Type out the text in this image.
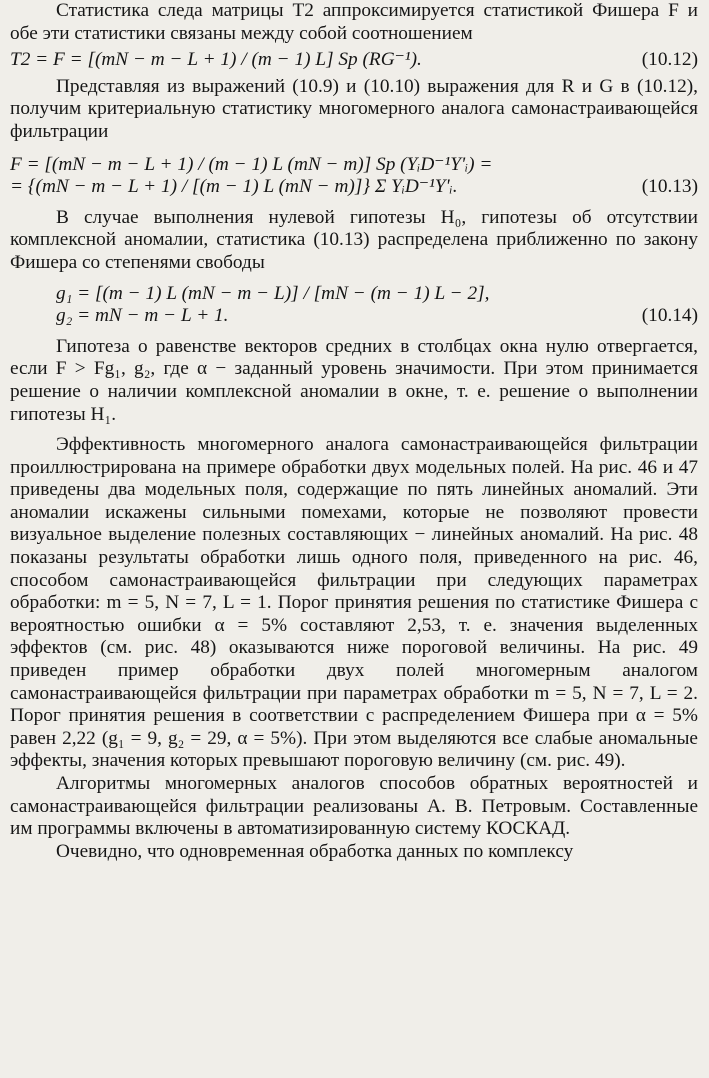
Статистика следа матрицы T2 аппроксимируется статистикой Фишера F и обе эти статистики связаны между собой соотношением

T2 = F = [(mN − m − L + 1) / (m − 1) L] Sp (RG⁻¹).	(10.12)

Представляя из выражений (10.9) и (10.10) выражения для R и G в (10.12), получим критериальную статистику многомерного аналога самонастраивающейся фильтрации

F = [(mN − m − L + 1) / (m − 1) L (mN − m)] Sp (YᵢD⁻¹Y'ᵢ) =
= {(mN − m − L + 1) / [(m − 1) L (mN − m)]} Σ YᵢD⁻¹Y'ᵢ.	(10.13)

В случае выполнения нулевой гипотезы H₀, гипотезы об отсутствии комплексной аномалии, статистика (10.13) распределена приближенно по закону Фишера со степенями свободы

g₁ = [(m − 1) L (mN − m − L)] / [mN − (m − 1) L − 2],
g₂ = mN − m − L + 1.	(10.14)

Гипотеза о равенстве векторов средних в столбцах окна нулю отвергается, если F > Fg₁, g₂, где α − заданный уровень значимости. При этом принимается решение о наличии комплексной аномалии в окне, т. е. решение о выполнении гипотезы H₁.

Эффективность многомерного аналога самонастраивающейся фильтрации проиллюстрирована на примере обработки двух модельных полей. На рис. 46 и 47 приведены два модельных поля, содержащие по пять линейных аномалий. Эти аномалии искажены сильными помехами, которые не позволяют провести визуальное выделение полезных составляющих − линейных аномалий. На рис. 48 показаны результаты обработки лишь одного поля, приведенного на рис. 46, способом самонастраивающейся фильтрации при следующих параметрах обработки: m = 5, N = 7, L = 1. Порог принятия решения по статистике Фишера с вероятностью ошибки α = 5% составляют 2,53, т. е. значения выделенных эффектов (см. рис. 48) оказываются ниже пороговой величины. На рис. 49 приведен пример обработки двух полей многомерным аналогом самонастраивающейся фильтрации при параметрах обработки m = 5, N = 7, L = 2. Порог принятия решения в соответствии с распределением Фишера при α = 5% равен 2,22 (g₁ = 9, g₂ = 29, α = 5%). При этом выделяются все слабые аномальные эффекты, значения которых превышают пороговую величину (см. рис. 49).

Алгоритмы многомерных аналогов способов обратных вероятностей и самонастраивающейся фильтрации реализованы А. В. Петровым. Составленные им программы включены в автоматизированную систему КОСКАД.

Очевидно, что одновременная обработка данных по комплексу
